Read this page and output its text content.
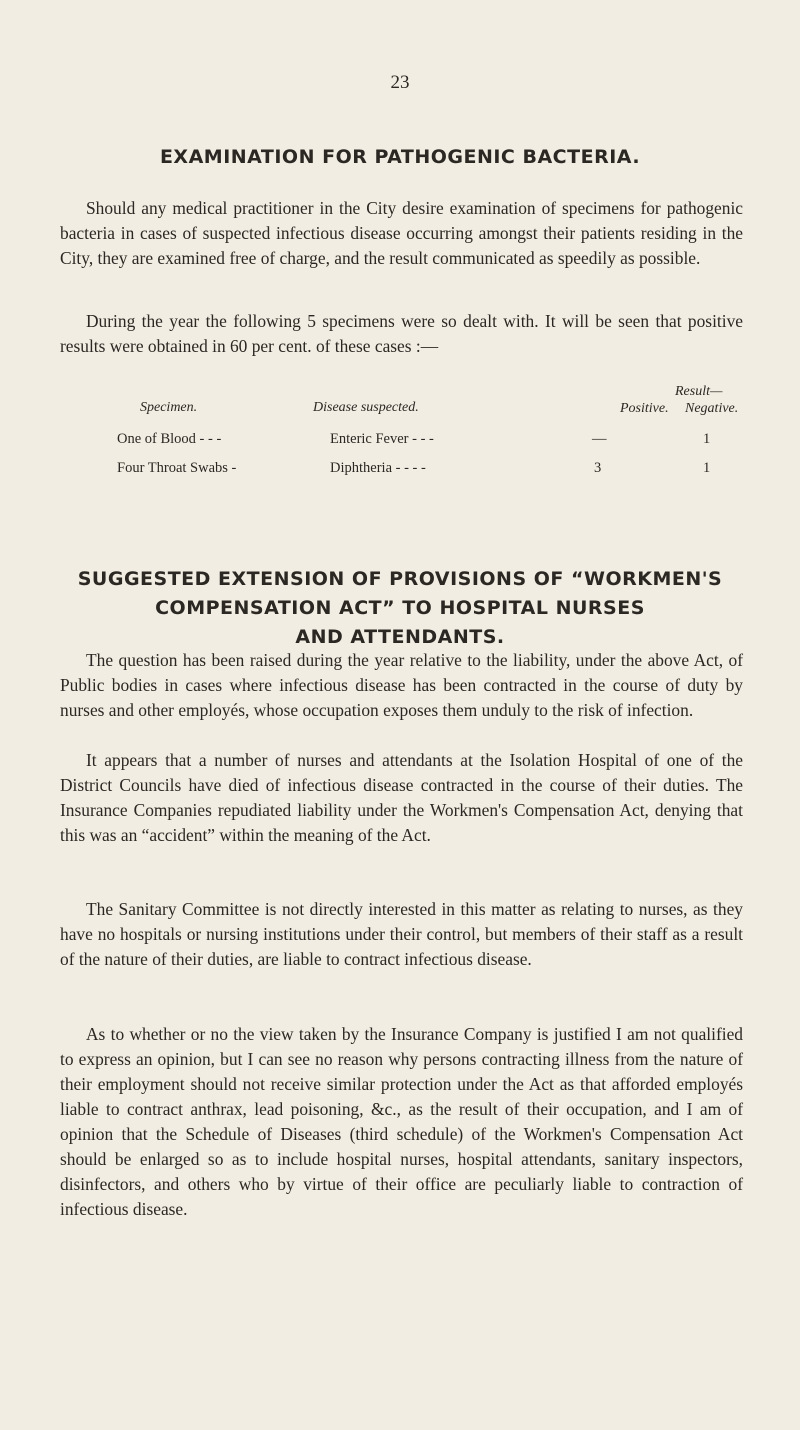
23
EXAMINATION FOR PATHOGENIC BACTERIA.
Should any medical practitioner in the City desire examination of specimens for pathogenic bacteria in cases of suspected infectious disease occurring amongst their patients residing in the City, they are examined free of charge, and the result communicated as speedily as possible.
During the year the following 5 specimens were so dealt with. It will be seen that positive results were obtained in 60 per cent. of these cases :—
Specimen.	Disease suspected.
Result—
Positive. Negative.
One of Blood - - -	Enteric Fever - - -	—	1
Four Throat Swabs -	Diphtheria - - - -	3	1
SUGGESTED EXTENSION OF PROVISIONS OF “WORKMEN'S
COMPENSATION ACT” TO HOSPITAL NURSES
AND ATTENDANTS.
The question has been raised during the year relative to the liability, under the above Act, of Public bodies in cases where infectious disease has been contracted in the course of duty by nurses and other employés, whose occupation exposes them unduly to the risk of infection.
It appears that a number of nurses and attendants at the Isolation Hospital of one of the District Councils have died of infectious disease contracted in the course of their duties. The Insurance Companies repudiated liability under the Workmen's Compensation Act, denying that this was an “accident” within the meaning of the Act.
The Sanitary Committee is not directly interested in this matter as relating to nurses, as they have no hospitals or nursing institutions under their control, but members of their staff as a result of the nature of their duties, are liable to contract infectious disease.
As to whether or no the view taken by the Insurance Company is justified I am not qualified to express an opinion, but I can see no reason why persons contracting illness from the nature of their employment should not receive similar protection under the Act as that afforded employés liable to contract anthrax, lead poisoning, &c., as the result of their occupation, and I am of opinion that the Schedule of Diseases (third schedule) of the Workmen's Compensation Act should be enlarged so as to include hospital nurses, hospital attendants, sanitary inspectors, disinfectors, and others who by virtue of their office are peculiarly liable to contraction of infectious disease.
